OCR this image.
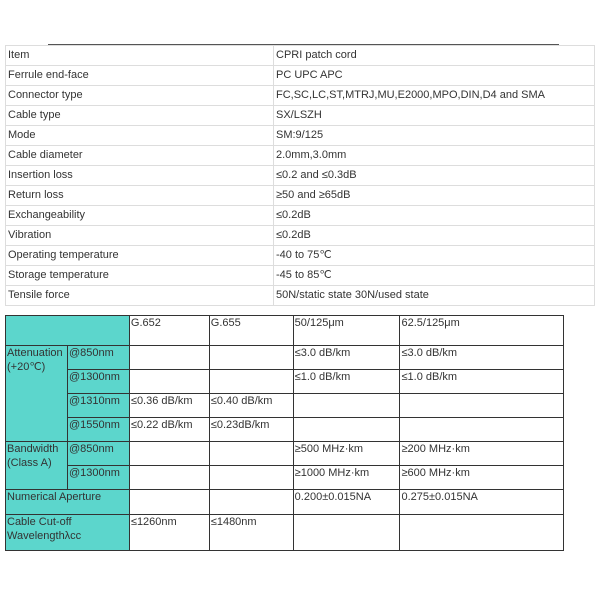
Item	CPRI patch cord
Ferrule end-face	PC UPC APC
Connector type	FC,SC,LC,ST,MTRJ,MU,E2000,MPO,DIN,D4 and SMA
Cable type	SX/LSZH
Mode	SM:9/125
Cable diameter	2.0mm,3.0mm
Insertion loss	≤0.2 and ≤0.3dB
Return loss	≥50 and ≥65dB
Exchangeability	≤0.2dB
Vibration	≤0.2dB
Operating temperature	-40 to 75℃
Storage temperature	-45 to 85℃
Tensile force	50N/static state 30N/used state
		G.652	G.655	50/125μm	62.5/125μm
Attenuation
(+20℃)	@850nm			≤3.0 dB/km	≤3.0 dB/km
	@1300nm			≤1.0 dB/km	≤1.0 dB/km
	@1310nm	≤0.36 dB/km	≤0.40 dB/km		
	@1550nm	≤0.22 dB/km	≤0.23dB/km		
Bandwidth
(Class A)	@850nm			≥500 MHz·km	≥200 MHz·km
	@1300nm			≥1000 MHz·km	≥600 MHz·km
Numerical Aperture				0.200±0.015NA	0.275±0.015NA
Cable Cut-off
Wavelengthλcc		≤1260nm	≤1480nm		
